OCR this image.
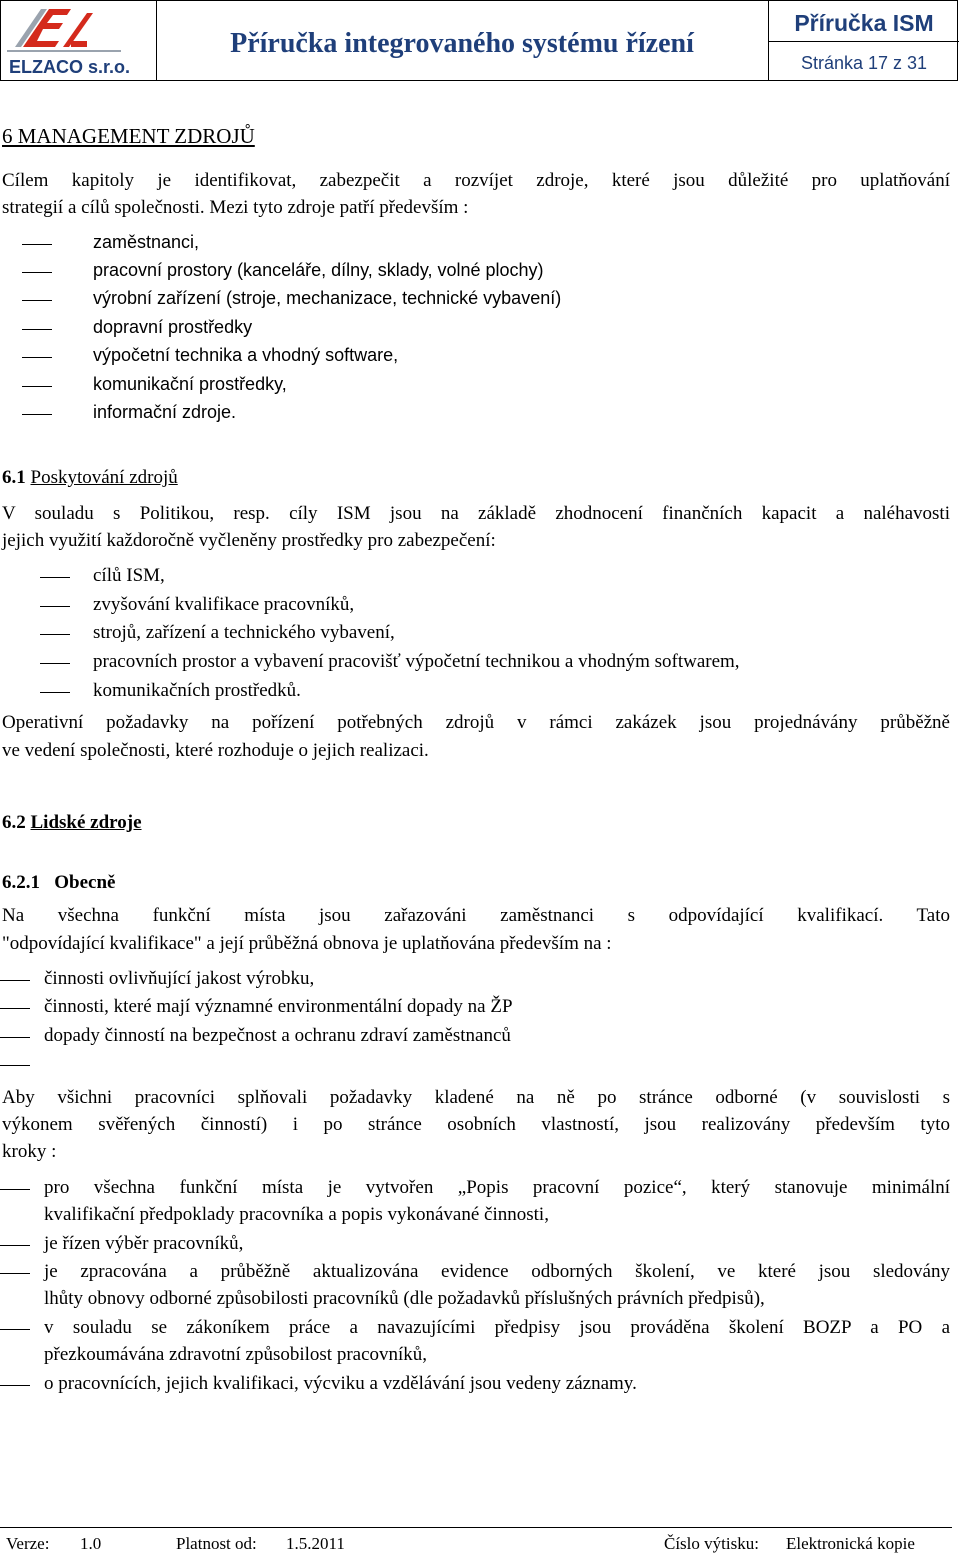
ELZACO s.r.o.
Příručka integrovaného systému řízení
Příručka ISM
Stránka 17 z 31
6 MANAGEMENT ZDROJŮ
Cílem kapitoly je identifikovat, zabezpečit a rozvíjet zdroje, které jsou důležité pro uplatňování
strategií a cílů společnosti. Mezi tyto zdroje patří především :
zaměstnanci,
pracovní prostory (kanceláře, dílny, sklady, volné plochy)
výrobní zařízení (stroje, mechanizace, technické vybavení)
dopravní prostředky
výpočetní technika a vhodný software,
komunikační prostředky,
informační zdroje.
6.1 Poskytování zdrojů
V souladu s Politikou, resp. cíly ISM jsou na základě zhodnocení finančních kapacit a naléhavosti
jejich využití každoročně vyčleněny prostředky pro zabezpečení:
cílů ISM,
zvyšování kvalifikace pracovníků,
strojů, zařízení a technického vybavení,
pracovních prostor a vybavení pracovišť výpočetní technikou a vhodným softwarem,
komunikačních prostředků.
Operativní požadavky na pořízení potřebných zdrojů v rámci zakázek jsou projednávány průběžně
ve vedení společnosti, které rozhoduje o jejich realizaci.
6.2 Lidské zdroje
6.2.1 Obecně
Na všechna funkční místa jsou zařazováni zaměstnanci s odpovídající kvalifikací. Tato
"odpovídající kvalifikace" a její průběžná obnova je uplatňována především na :
činnosti ovlivňující jakost výrobku,
činnosti, které mají významné environmentální dopady na ŽP
dopady činností na bezpečnost a ochranu zdraví zaměstnanců
Aby všichni pracovníci splňovali požadavky kladené na ně po stránce odborné (v souvislosti s
výkonem svěřených činností) i po stránce osobních vlastností, jsou realizovány především tyto
kroky :
pro všechna funkční místa je vytvořen „Popis pracovní pozice“, který stanovuje minimální
kvalifikační předpoklady pracovníka a popis vykonávané činnosti,
je řízen výběr pracovníků,
je zpracována a průběžně aktualizována evidence odborných školení, ve které jsou sledovány
lhůty obnovy odborné způsobilosti pracovníků (dle požadavků příslušných právních předpisů),
v souladu se zákoníkem práce a navazujícími předpisy jsou prováděna školení BOZP a PO a
přezkoumávána zdravotní způsobilost pracovníků,
o pracovnících, jejich kvalifikaci, výcviku a vzdělávání jsou vedeny záznamy.
Verze: 1.0	Platnost od: 1.5.2011	Číslo výtisku: Elektronická kopie
